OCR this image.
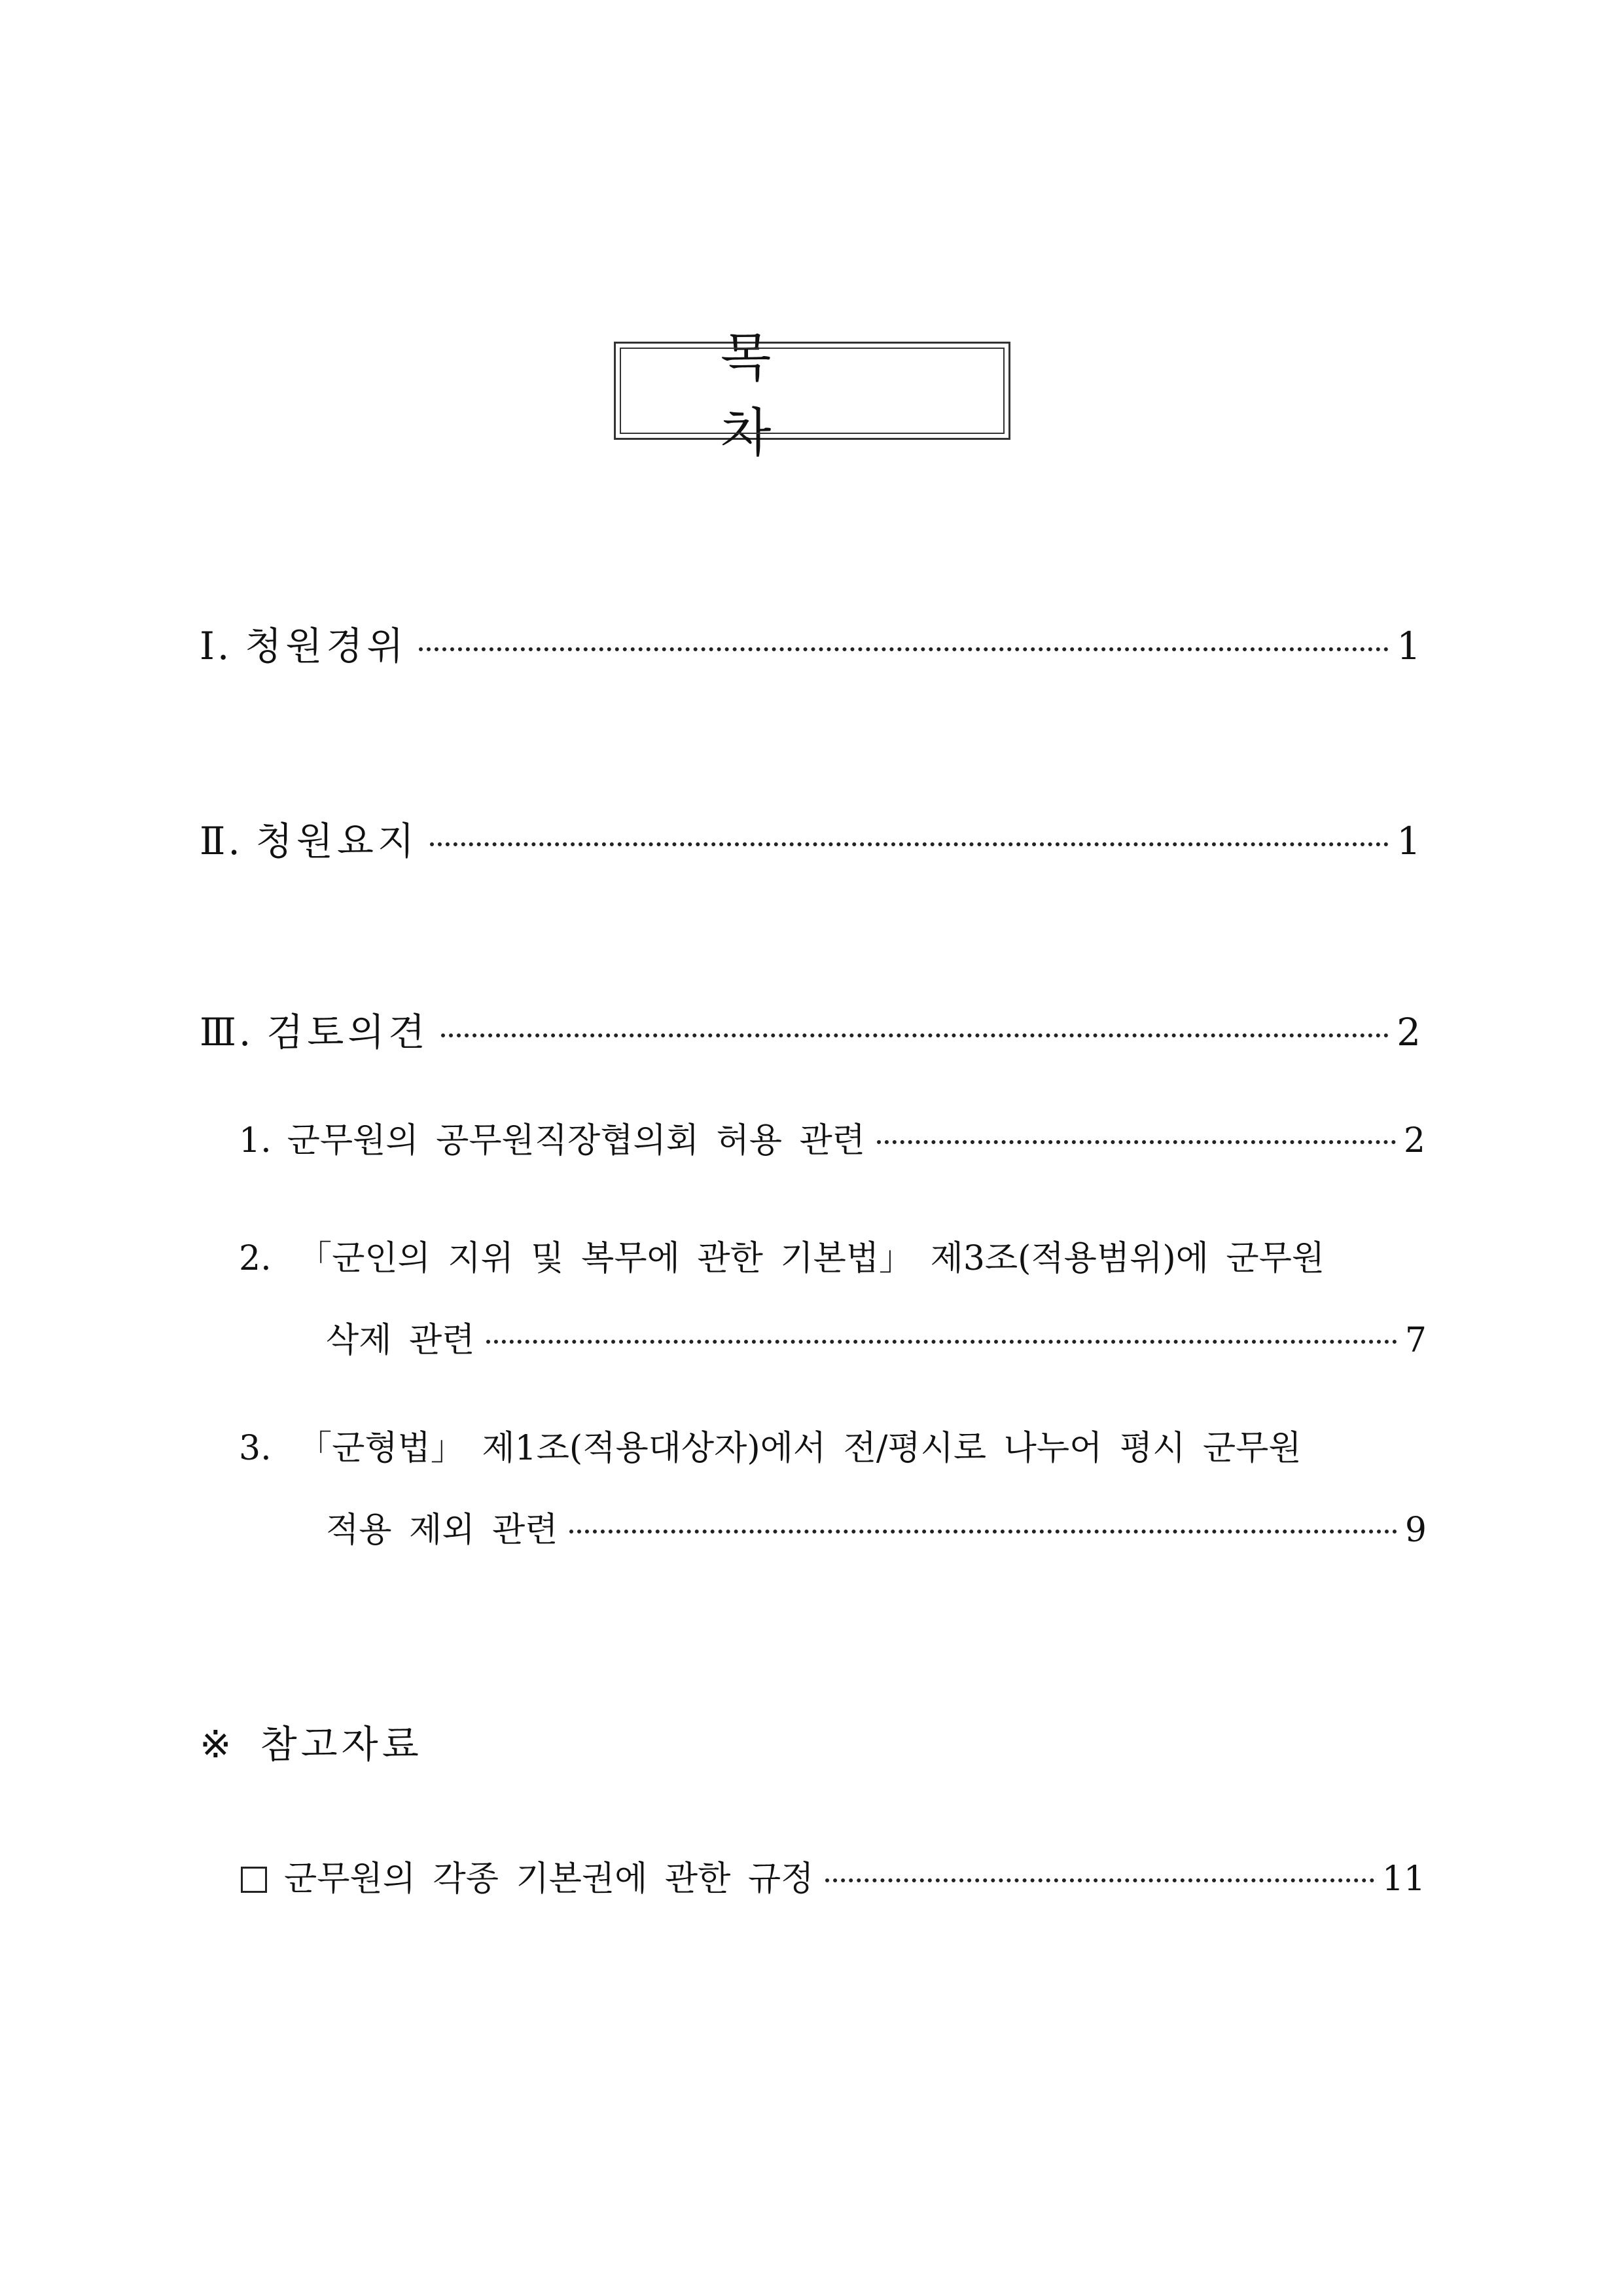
목 차
Ⅰ. 청원경위	1
Ⅱ. 청원요지	1
Ⅲ. 검토의견	2
1. 군무원의 공무원직장협의회 허용 관련	2
2. 「군인의 지위 및 복무에 관한 기본법」 제3조(적용범위)에 군무원
삭제 관련	7
3. 「군형법」 제1조(적용대상자)에서 전/평시로 나누어 평시 군무원
적용 제외 관련	9
※ 참고자료
군무원의 각종 기본권에 관한 규정	11
